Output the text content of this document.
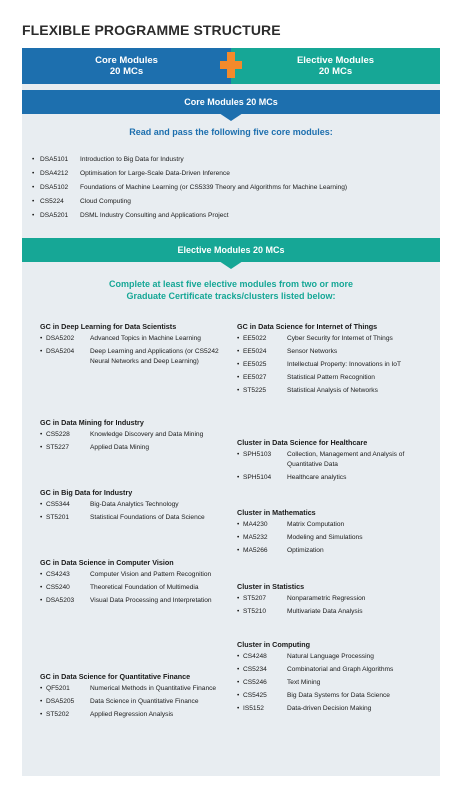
FLEXIBLE PROGRAMME STRUCTURE
Core Modules
20 MCs
Elective Modules
20 MCs
Core Modules 20 MCs
Read and pass the following five core modules:
• DSA5101 Introduction to Big Data for Industry
• DSA4212 Optimisation for Large-Scale Data-Driven Inference
• DSA5102 Foundations of Machine Learning (or CS5339 Theory and Algorithms for Machine Learning)
• CS5224 Cloud Computing
• DSA5201 DSML Industry Consulting and Applications Project
Elective Modules 20 MCs
Complete at least five elective modules from two or more
Graduate Certificate tracks/clusters listed below:
GC in Deep Learning for Data Scientists
• DSA5202	Advanced Topics in Machine Learning
• DSA5204	Deep Learning and Applications (or CS5242 Neural Networks and Deep Learning)
GC in Data Mining for Industry
• CS5228	Knowledge Discovery and Data Mining
• ST5227	Applied Data Mining
GC in Big Data for Industry
• CS5344	Big-Data Analytics Technology
• ST5201	Statistical Foundations of Data Science
GC in Data Science in Computer Vision
• CS4243	Computer Vision and Pattern Recognition
• CS5240	Theoretical Foundation of Multimedia
• DSA5203	Visual Data Processing and Interpretation
GC in Data Science for Quantitative Finance
• QF5201	Numerical Methods in Quantitative Finance
• DSA5205	Data Science in Quantitative Finance
• ST5202	Applied Regression Analysis
GC in Data Science for Internet of Things
• EE5022	Cyber Security for Internet of Things
• EE5024	Sensor Networks
• EE5025	Intellectual Property: Innovations in IoT
• EE5027	Statistical Pattern Recognition
• ST5225	Statistical Analysis of Networks
Cluster in Data Science for Healthcare
• SPH5103	Collection, Management and Analysis of Quantitative Data
• SPH5104	Healthcare analytics
Cluster in Mathematics
• MA4230	Matrix Computation
• MA5232	Modeling and Simulations
• MA5266	Optimization
Cluster in Statistics
• ST5207	Nonparametric Regression
• ST5210	Multivariate Data Analysis
Cluster in Computing
• CS4248	Natural Language Processing
• CS5234	Combinatorial and Graph Algorithms
• CS5246	Text Mining
• CS5425	Big Data Systems for Data Science
• IS5152	Data-driven Decision Making
